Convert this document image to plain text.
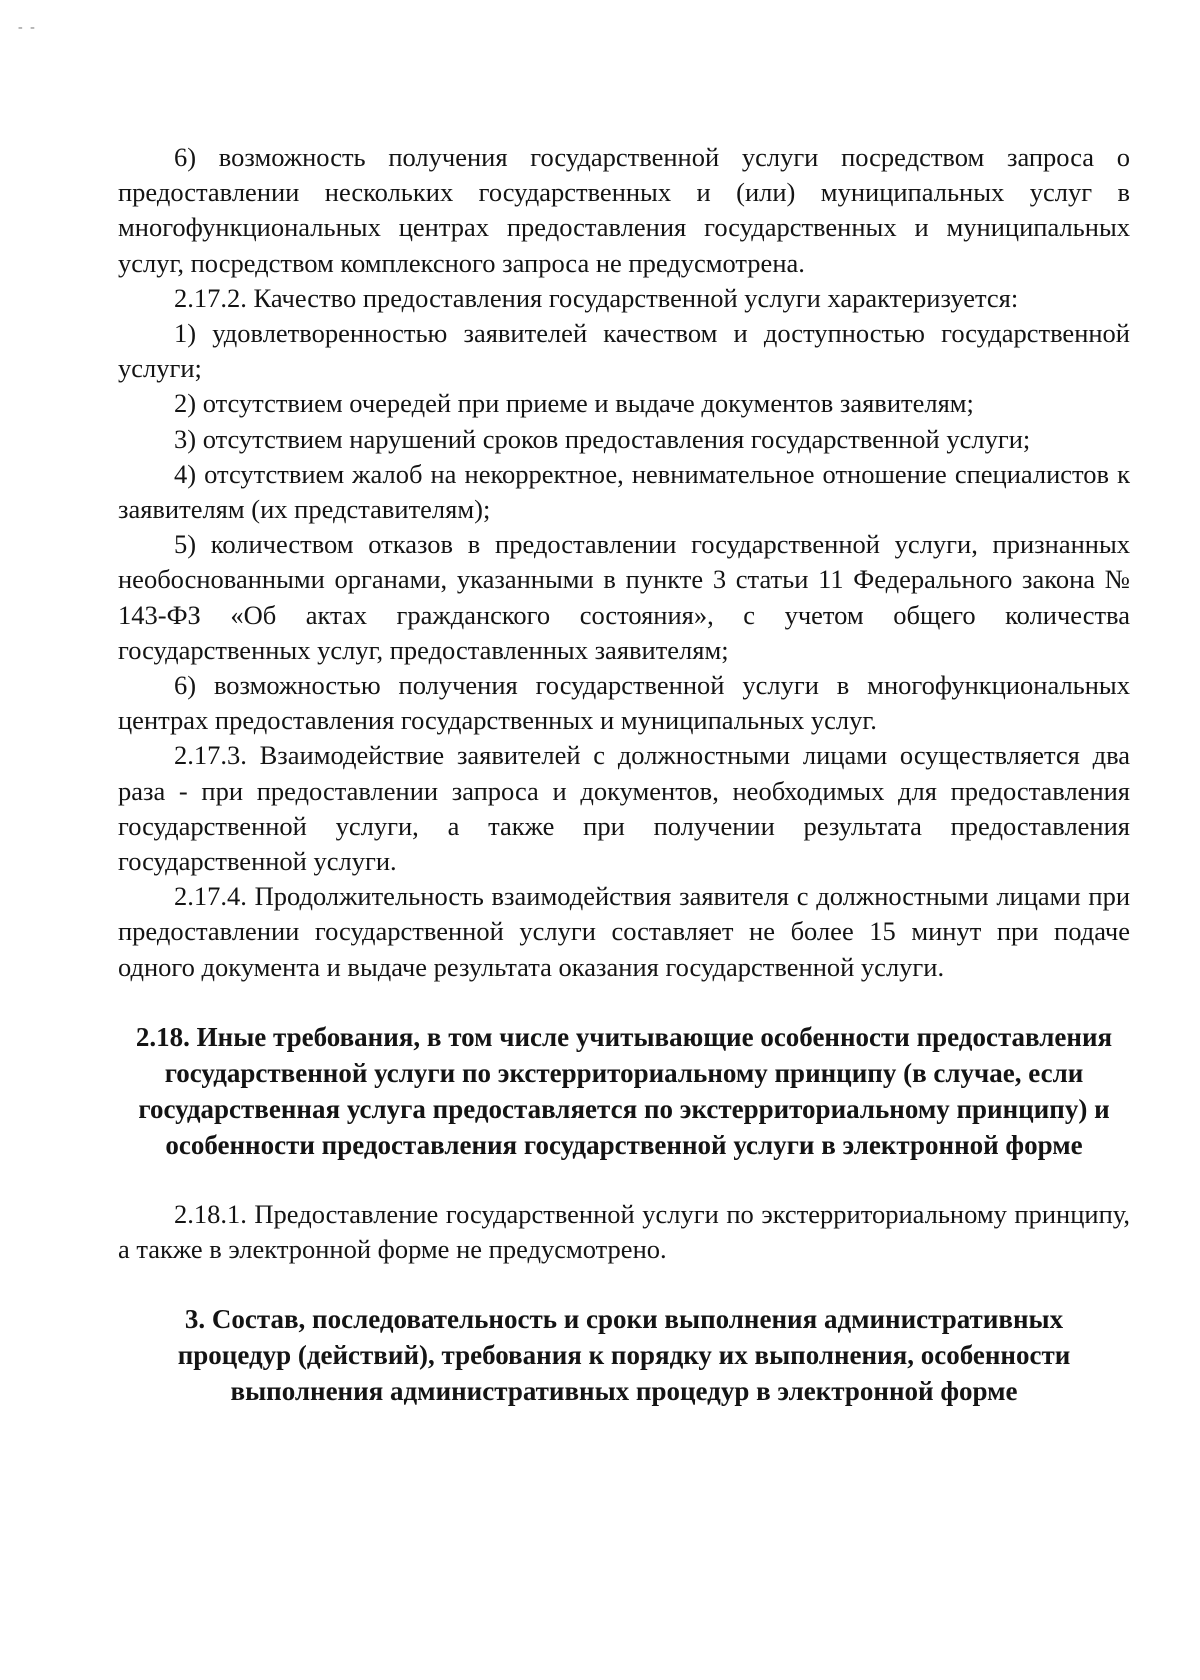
- -

6) возможность получения государственной услуги посредством запроса о предоставлении нескольких государственных и (или) муниципальных услуг в многофункциональных центрах предоставления государственных и муниципальных услуг, посредством комплексного запроса не предусмотрена.

2.17.2. Качество предоставления государственной услуги характеризуется:

1) удовлетворенностью заявителей качеством и доступностью государственной услуги;

2) отсутствием очередей при приеме и выдаче документов заявителям;

3) отсутствием нарушений сроков предоставления государственной услуги;

4) отсутствием жалоб на некорректное, невнимательное отношение специалистов к заявителям (их представителям);

5) количеством отказов в предоставлении государственной услуги, признанных необоснованными органами, указанными в пункте 3 статьи 11 Федерального закона № 143-ФЗ «Об актах гражданского состояния», с учетом общего количества государственных услуг, предоставленных заявителям;

6) возможностью получения государственной услуги в многофункциональных центрах предоставления государственных и муниципальных услуг.

2.17.3. Взаимодействие заявителей с должностными лицами осуществляется два раза - при предоставлении запроса и документов, необходимых для предоставления государственной услуги, а также при получении результата предоставления государственной услуги.

2.17.4. Продолжительность взаимодействия заявителя с должностными лицами при предоставлении государственной услуги составляет не более 15 минут при подаче одного документа и выдаче результата оказания государственной услуги.

2.18. Иные требования, в том числе учитывающие особенности предоставления государственной услуги по экстерриториальному принципу (в случае, если государственная услуга предоставляется по экстерриториальному принципу) и особенности предоставления государственной услуги в электронной форме

2.18.1. Предоставление государственной услуги по экстерриториальному принципу, а также в электронной форме не предусмотрено.

3. Состав, последовательность и сроки выполнения административных процедур (действий), требования к порядку их выполнения, особенности выполнения административных процедур в электронной форме
